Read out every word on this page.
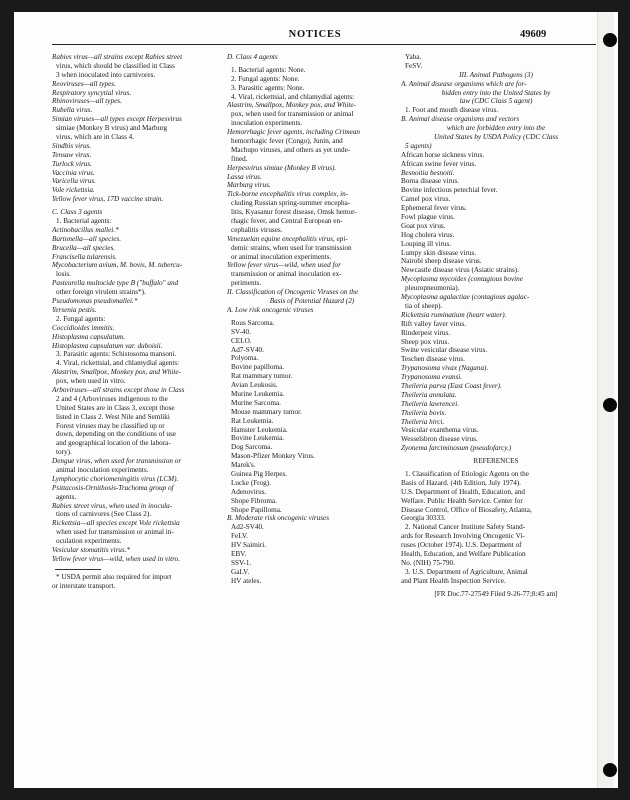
NOTICES	49609
Rabies virus—all strains except Rabies street
virus, which should be classified in Class
3 when inoculated into carnivores.
Reoviruses—all types.
Respiratory syncytial virus.
Rhinoviruses—all types.
Rubella virus.
Simian viruses—all types except Herpesvirus
simiae (Monkey B virus) and Marburg
virus, which are in Class 4.
Sindbis virus.
Tensaw virus.
Turlock virus.
Vaccinia virus.
Varicella virus.
Vole rickettsia.
Yellow fever virus, 17D vaccine strain.
C. Class 3 agents
1. Bacterial agents:
Actinobacillus mallei.*
Bartonella—all species.
Brucella—all species.
Francisella tularensis.
Mycobacterium avium, M. bovis, M. tubercu-
losis.
Pasteurella multocide type B ("buffalo" and
other foreign virulent strains*).
Pseudomonas pseudomallei.*
Yersenia pestis.
2. Fungal agents:
Coccidioides immitis.
Histoplasma capsulatum.
Histoplasma capsulatum var. duboisii.
3. Parasitic agents: Schistosoma mansoni.
4. Viral, rickettsial, and chlamydial agents:
Alastrim, Smallpox, Monkey pox, and White-
pox, when used in vitro.
Arboviruses—all strains except those in Class
2 and 4 (Arboviruses indigenous to the
United States are in Class 3, except those
listed in Class 2. West Nile and Semliki
Forest viruses may be classified up or
down, depending on the conditions of use
and geographical location of the labora-
tory).
Dengue virus, when used for transmission or
animal inoculation experiments.
Lymphocytic choriomeningitis virus (LCM).
Psittacosis-Ornithosis-Trachoma group of
agents.
Rabies street virus, when used in inocula-
tions of carnivores (See Class 2).
Rickettsia—all species except Vole rickettsia
when used for transmission or animal in-
oculation experiments.
Vesicular stomatitis virus.*
Yellow fever virus—wild, when used in vitro.
* USDA permit also required for import
or interstate transport.
D. Class 4 agents
1. Bacterial agents: None.
2. Fungal agents: None.
3. Parasitic agents: None.
4. Viral, rickettsial, and chlamydial agents:
Alastrim, Smallpox, Monkey pox, and White-
pox, when used for transmission or animal
inoculation experiments.
Hemorrhagic fever agents, including Crimean
hemorrhagic fever (Congo), Junin, and
Machupo viruses, and others as yet unde-
fined.
Herpesvirus simiae (Monkey B virus).
Lassa virus.
Marburg virus.
Tick-borne encephalitis virus complex, in-
cluding Russian spring-summer encepha-
litis, Kyasanur forest disease, Omsk hemor-
rhagic fever, and Central European en-
cephalitis viruses.
Venezuelan equine encephalitis virus, epi-
demic strains, when used for transmission
or animal inoculation experiments.
Yellow fever virus—wild, when used for
transmission or animal inoculation ex-
periments.
II. Classification of Oncogenic Viruses on the
Basis of Potential Hazard (2)
A. Low risk oncogenic viruses
Rous Sarcoma.
SV-40.
CELO.
Ad7-SV40.
Polyoma.
Bovine papilloma.
Rat mammary tumor.
Avian Leukosis.
Murine Leukemia.
Murine Sarcoma.
Mouse mammary tumor.
Rat Leukemia.
Hamster Leukemia.
Bovine Leukemia.
Dog Sarcoma.
Mason-Pfizer Monkey Virus.
Marek's.
Guinea Pig Herpes.
Lucke (Frog).
Adenovirus.
Shope Fibroma.
Shope Papilloma.
B. Moderate risk oncogenic viruses
Ad2-SV40.
FeLV.
HV Saimiri.
EBV.
SSV-1.
GaLV.
HV ateles.
Yaba.
FeSV.
III. Animal Pathogens (3)
A. Animal disease organisms which are for-
bidden entry into the United States by
law (CDC Class 5 agent)
1. Foot and mouth disease virus.
B. Animal disease organisms and vectors
which are forbidden entry into the
United States by USDA Policy (CDC Class
5 agents)
African horse sickness virus.
African swine fever virus.
Besnoitia besnoiti.
Borna disease virus.
Bovine infectious petechial fever.
Camel pox virus.
Ephemeral fever virus.
Fowl plague virus.
Goat pox virus.
Hog cholera virus.
Louping ill virus.
Lumpy skin disease virus.
Nairobi sheep disease virus.
Newcastle disease virus (Asiatic strains).
Mycoplasma mycoides (contagious bovine
pleuropneumonia).
Mycoplasma agalactiae (contagious agalac-
tia of sheep).
Rickettsia ruminatium (heart water).
Rift valley faver virus.
Rinderpest virus.
Sheep pox virus.
Swine vesicular disease virus.
Teschen disease virus.
Trypanosoma vivax (Nagana).
Trypanosoma evansi.
Theileria parva (East Coast fever).
Theileria annulata.
Theileria lawrencei.
Theileria bovis.
Theileria hirci.
Vesicular exanthema virus.
Wesselsbron disease virus.
Zyonema farciminosum (pseudofarcy.)
REFERENCES
1. Classification of Etiologic Agents on the
Basis of Hazard. (4th Edition, July 1974).
U.S. Department of Health, Education, and
Welfare. Public Health Service. Center for
Disease Control, Office of Biosafety, Atlanta,
Georgia 30333.
2. National Cancer Institute Safety Stand-
ards for Research Involving Oncogenic Vi-
ruses (October 1974). U.S. Department of
Health, Education, and Welfare Publication
No. (NIH) 75-790.
3. U.S. Department of Agriculture, Animal
and Plant Health Inspection Service.
[FR Doc.77-27549 Filed 9-26-77;8:45 am]
